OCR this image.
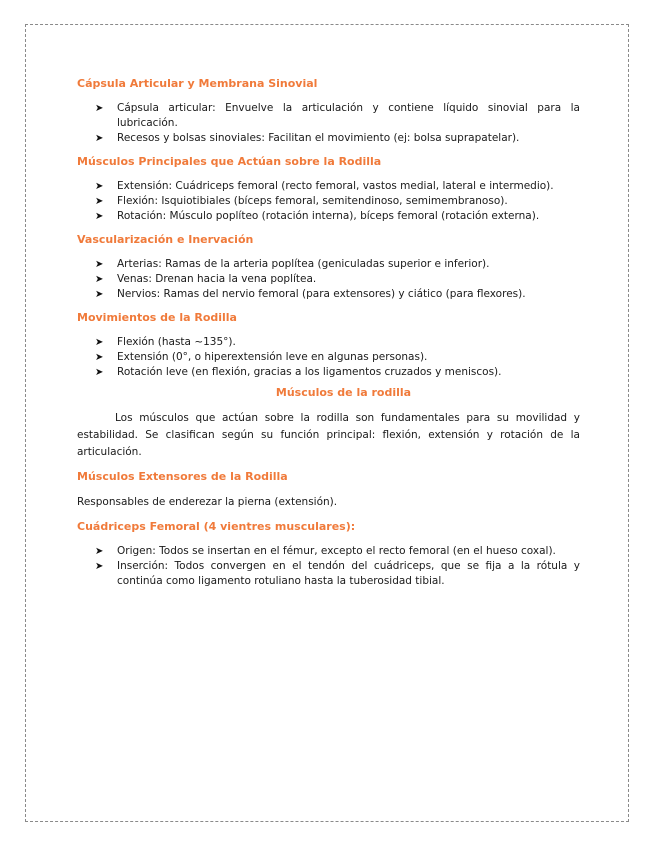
Cápsula Articular y Membrana Sinovial
➤ Cápsula articular: Envuelve la articulación y contiene líquido sinovial para la lubricación.
➤ Recesos y bolsas sinoviales: Facilitan el movimiento (ej: bolsa suprapatelar).
Músculos Principales que Actúan sobre la Rodilla
➤ Extensión: Cuádriceps femoral (recto femoral, vastos medial, lateral e intermedio).
➤ Flexión: Isquiotibiales (bíceps femoral, semitendinoso, semimembranoso).
➤ Rotación: Músculo poplíteo (rotación interna), bíceps femoral (rotación externa).
Vascularización e Inervación
➤ Arterias: Ramas de la arteria poplítea (geniculadas superior e inferior).
➤ Venas: Drenan hacia la vena poplítea.
➤ Nervios: Ramas del nervio femoral (para extensores) y ciático (para flexores).
Movimientos de la Rodilla
➤ Flexión (hasta ~135°).
➤ Extensión (0°, o hiperextensión leve en algunas personas).
➤ Rotación leve (en flexión, gracias a los ligamentos cruzados y meniscos).
Músculos de la rodilla

Los músculos que actúan sobre la rodilla son fundamentales para su movilidad y estabilidad. Se clasifican según su función principal: flexión, extensión y rotación de la articulación.

Músculos Extensores de la Rodilla

Responsables de enderezar la pierna (extensión).

Cuádriceps Femoral (4 vientres musculares):
➤ Origen: Todos se insertan en el fémur, excepto el recto femoral (en el hueso coxal).
➤ Inserción: Todos convergen en el tendón del cuádriceps, que se fija a la rótula y continúa como ligamento rotuliano hasta la tuberosidad tibial.
